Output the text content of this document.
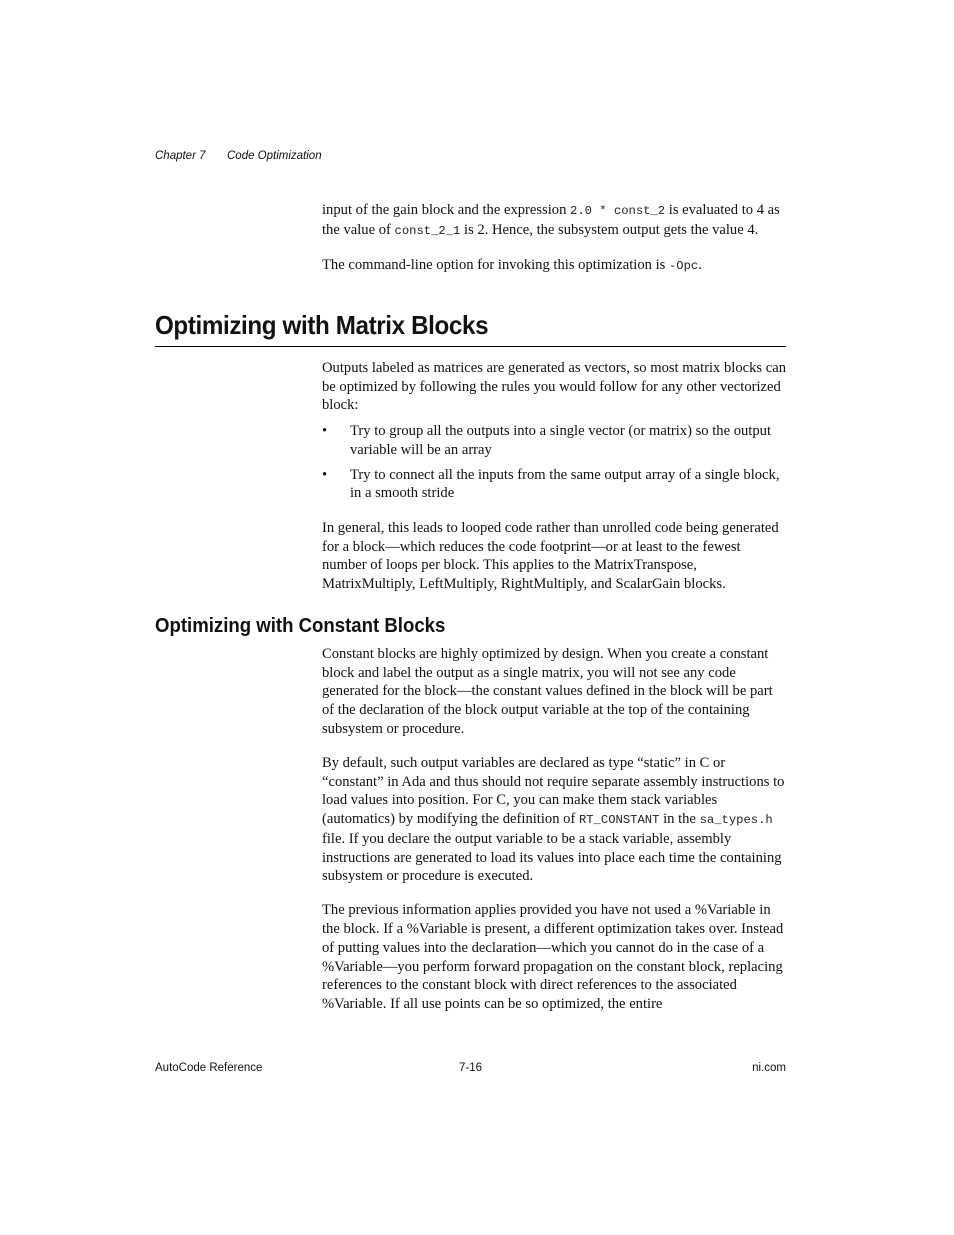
Chapter 7 Code Optimization

input of the gain block and the expression 2.0 * const_2 is evaluated to 4 as the value of const_2_1 is 2. Hence, the subsystem output gets the value 4.

The command-line option for invoking this optimization is -Opc.

Optimizing with Matrix Blocks

Outputs labeled as matrices are generated as vectors, so most matrix blocks can be optimized by following the rules you would follow for any other vectorized block:

• Try to group all the outputs into a single vector (or matrix) so the output variable will be an array
• Try to connect all the inputs from the same output array of a single block, in a smooth stride

In general, this leads to looped code rather than unrolled code being generated for a block—which reduces the code footprint—or at least to the fewest number of loops per block. This applies to the MatrixTranspose, MatrixMultiply, LeftMultiply, RightMultiply, and ScalarGain blocks.

Optimizing with Constant Blocks

Constant blocks are highly optimized by design. When you create a constant block and label the output as a single matrix, you will not see any code generated for the block—the constant values defined in the block will be part of the declaration of the block output variable at the top of the containing subsystem or procedure.

By default, such output variables are declared as type “static” in C or “constant” in Ada and thus should not require separate assembly instructions to load values into position. For C, you can make them stack variables (automatics) by modifying the definition of RT_CONSTANT in the sa_types.h file. If you declare the output variable to be a stack variable, assembly instructions are generated to load its values into place each time the containing subsystem or procedure is executed.

The previous information applies provided you have not used a %Variable in the block. If a %Variable is present, a different optimization takes over. Instead of putting values into the declaration—which you cannot do in the case of a %Variable—you perform forward propagation on the constant block, replacing references to the constant block with direct references to the associated %Variable. If all use points can be so optimized, the entire

AutoCode Reference	7-16	ni.com
